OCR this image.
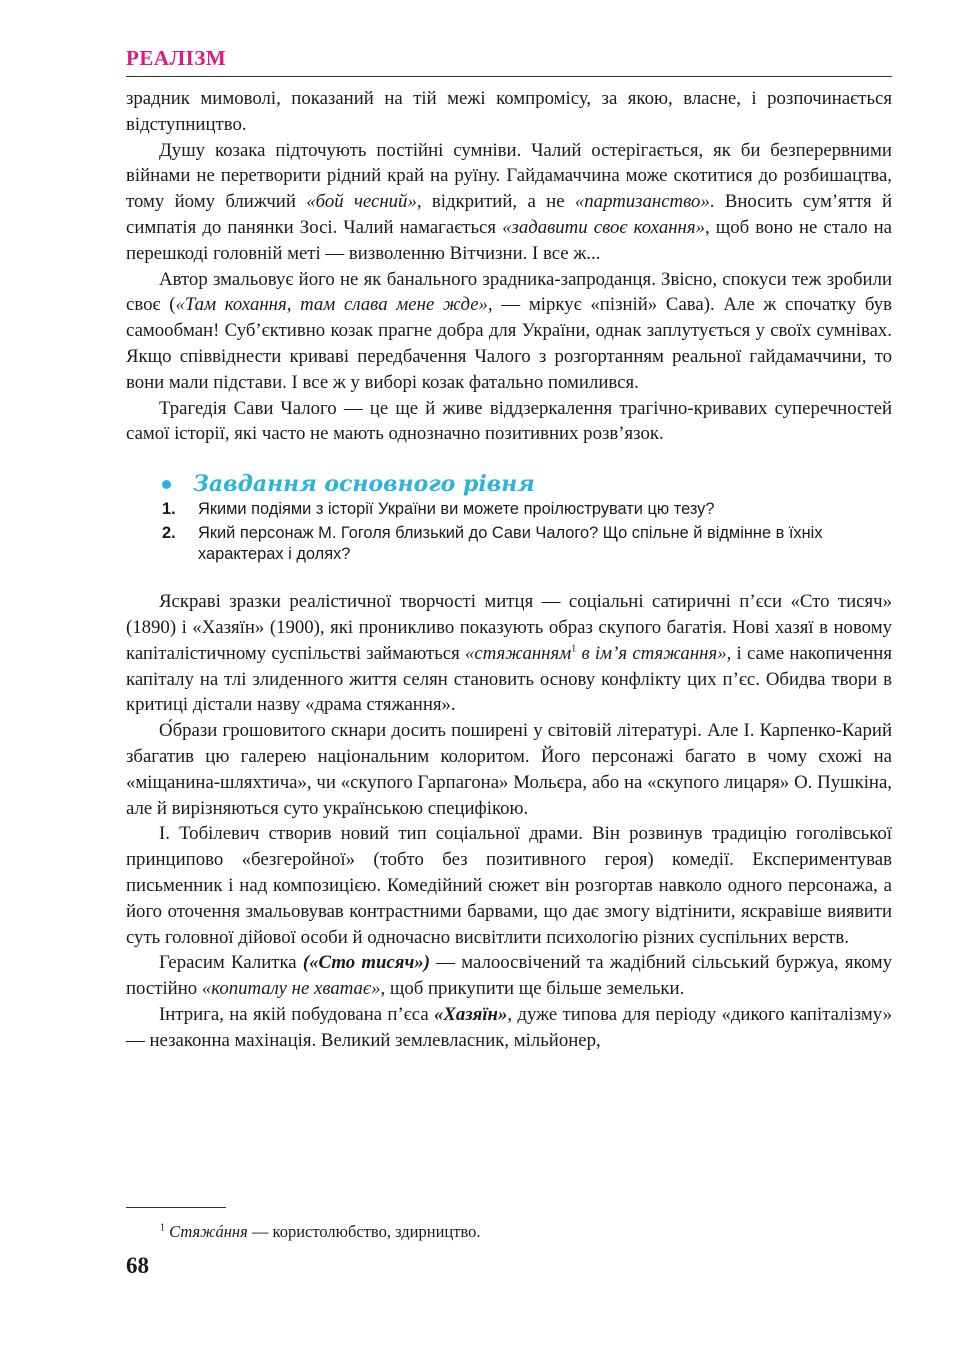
РЕАЛІЗМ

зрадник мимоволі, показаний на тій межі компромісу, за якою, власне, і розпочинається відступництво.

Душу козака підточують постійні сумніви. Чалий остерігається, як би безперервними війнами не перетворити рідний край на руїну. Гайдамаччина може скотитися до розбишацтва, тому йому ближчий «бой чесний», відкритий, а не «партизанство». Вносить сум’яття й симпатія до панянки Зосі. Чалий намагається «задавити своє кохання», щоб воно не стало на перешкоді головній меті — визволенню Вітчизни. І все ж...

Автор змальовує його не як банального зрадника-запроданця. Звісно, спокуси теж зробили своє («Там кохання, там слава мене жде», — міркує «пізній» Сава). Але ж спочатку був самообман! Суб’єктивно козак прагне добра для України, однак заплутується у своїх сумнівах. Якщо співвіднести криваві передбачення Чалого з розгортанням реальної гайдамаччини, то вони мали підстави. І все ж у виборі козак фатально помилився.

Трагедія Сави Чалого — це ще й живе віддзеркалення трагічно-кривавих суперечностей самої історії, які часто не мають однозначно позитивних розв’язок.

Завдання основного рівня
1.	Якими подіями з історії України ви можете проілюструвати цю тезу?
2.	Який персонаж М. Гоголя близький до Сави Чалого? Що спільне й відмінне в їхніх характерах і долях?

Яскраві зразки реалістичної творчості митця — соціальні сатиричні п’єси «Сто тисяч» (1890) і «Хазяїн» (1900), які проникливо показують образ скупого багатія. Нові хазяї в новому капіталістичному суспільстві займаються «стяжанням$^1$ в ім’я стяжання», і саме накопичення капіталу на тлі злиденного життя селян становить основу конфлікту цих п’єс. Обидва твори в критиці дістали назву «драма стяжання».

О́брази грошовитого скнари досить поширені у світовій літературі. Але І. Карпенко-Карий збагатив цю галерею національним колоритом. Його персонажі багато в чому схожі на «міщанина-шляхтича», чи «скупого Гарпагона» Мольєра, або на «скупого лицаря» О. Пушкіна, але й вирізняються суто українською специфікою.

І. Тобілевич створив новий тип соціальної драми. Він розвинув традицію гоголівської принципово «безгеройної» (тобто без позитивного героя) комедії. Експериментував письменник і над композицією. Комедійний сюжет він розгортав навколо одного персонажа, а його оточення змальовував контрастними барвами, що дає змогу відтінити, яскравіше виявити суть головної дійової особи й одночасно висвітлити психологію різних суспільних верств.

Герасим Калитка («Сто тисяч») — малоосвічений та жадібний сільський буржуа, якому постійно «копиталу не хватає», щоб прикупити ще більше земельки.

Інтрига, на якій побудована п’єса «Хазяїн», дуже типова для періоду «дикого капіталізму» — незаконна махінація. Великий землевласник, мільйонер,

$^1$ Стяжáння — користолюбство, здирництво.
68
